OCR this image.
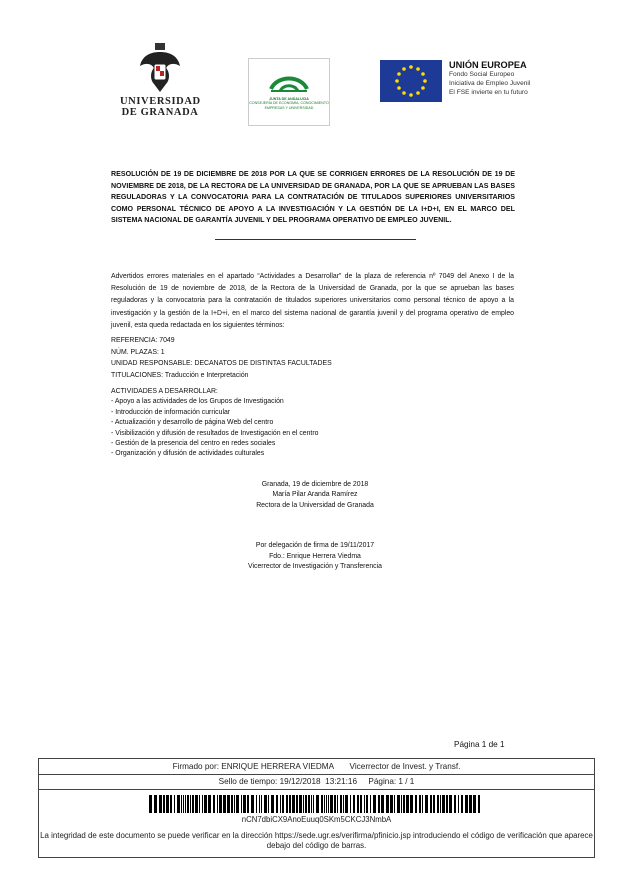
UNIVERSIDAD
DE GRANADA
JUNTA DE ANDALUCIA
CONSEJERÍA DE ECONOMÍA, CONOCIMIENTO
EMPRESAS Y UNIVERSIDAD
UNIÓN EUROPEA
Fondo Social Europeo
Iniciativa de Empleo Juvenil
El FSE invierte en tu futuro
RESOLUCIÓN DE 19 DE DICIEMBRE DE 2018 POR LA QUE SE CORRIGEN ERRORES DE LA RESOLUCIÓN DE 19 DE NOVIEMBRE DE 2018, DE LA RECTORA DE LA UNIVERSIDAD DE GRANADA, POR LA QUE SE APRUEBAN LAS BASES REGULADORAS Y LA CONVOCATORIA PARA LA CONTRATACIÓN DE TITULADOS SUPERIORES UNIVERSITARIOS COMO PERSONAL TÉCNICO DE APOYO A LA INVESTIGACIÓN Y LA GESTIÓN DE LA I+D+I, EN EL MARCO DEL SISTEMA NACIONAL DE GARANTÍA JUVENIL Y DEL PROGRAMA OPERATIVO DE EMPLEO JUVENIL.
Advertidos errores materiales en el apartado “Actividades a Desarrollar” de la plaza de referencia nº 7049 del Anexo I de la Resolución de 19 de noviembre de 2018, de la Rectora de la Universidad de Granada, por la que se aprueban las bases reguladoras y la convocatoria para la contratación de titulados superiores universitarios como personal técnico de apoyo a la investigación y la gestión de la I+D+i, en el marco del sistema nacional de garantía juvenil y del programa operativo de empleo juvenil, esta queda redactada en los siguientes términos:

REFERENCIA: 7049

NÚM. PLAZAS: 1

UNIDAD RESPONSABLE: DECANATOS DE DISTINTAS FACULTADES

TITULACIONES: Traducción e Interpretación

ACTIVIDADES A DESARROLLAR:

- Apoyo a las actividades de los Grupos de Investigación

- Introducción de información curricular

- Actualización y desarrollo de página Web del centro

- Visibilización y difusión de resultados de Investigación en el centro

- Gestión de la presencia del centro en redes sociales

- Organización y difusión de actividades culturales

Granada, 19 de diciembre de 2018

María Pilar Aranda Ramírez

Rectora de la Universidad de Granada

Por delegación de firma de 19/11/2017

Fdo.: Enrique Herrera Viedma

Vicerrector de Investigación y Transferencia

Página 1 de 1
Firmado por: ENRIQUE HERRERA VIEDMA       Vicerrector de Invest. y Transf.
Sello de tiempo: 19/12/2018  13:21:16     Página: 1 / 1
nCN7dbiCX9AnoEuuq0SKm5CKCJ3NmbA
La integridad de este documento se puede verificar en la dirección https://sede.ugr.es/verifirma/pfinicio.jsp introduciendo el código de verificación que aparece debajo del código de barras.
